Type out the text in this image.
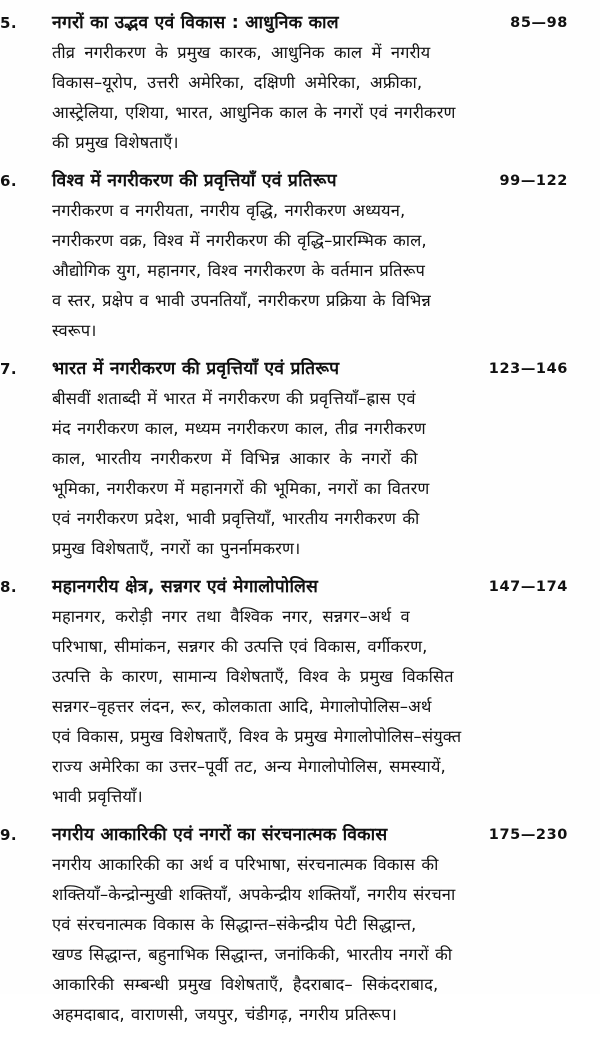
5.	नगरों का उद्भव एवं विकास : आधुनिक काल	85—98
तीव्र नगरीकरण के प्रमुख कारक, आधुनिक काल में नगरीय
विकास–यूरोप, उत्तरी अमेरिका, दक्षिणी अमेरिका, अफ्रीका,
आस्ट्रेलिया, एशिया, भारत, आधुनिक काल के नगरों एवं नगरीकरण
की प्रमुख विशेषताएँ।
6.	विश्व में नगरीकरण की प्रवृत्तियाँ एवं प्रतिरूप	99—122
नगरीकरण व नगरीयता, नगरीय वृद्धि, नगरीकरण अध्ययन,
नगरीकरण वक्र, विश्व में नगरीकरण की वृद्धि–प्रारम्भिक काल,
औद्योगिक युग, महानगर, विश्व नगरीकरण के वर्तमान प्रतिरूप
व स्तर, प्रक्षेप व भावी उपनतियाँ, नगरीकरण प्रक्रिया के विभिन्न
स्वरूप।
7.	भारत में नगरीकरण की प्रवृत्तियाँ एवं प्रतिरूप	123—146
बीसवीं शताब्दी में भारत में नगरीकरण की प्रवृत्तियाँ–ह्रास एवं
मंद नगरीकरण काल, मध्यम नगरीकरण काल, तीव्र नगरीकरण
काल, भारतीय नगरीकरण में विभिन्न आकार के नगरों की
भूमिका, नगरीकरण में महानगरों की भूमिका, नगरों का वितरण
एवं नगरीकरण प्रदेश, भावी प्रवृत्तियाँ, भारतीय नगरीकरण की
प्रमुख विशेषताएँ, नगरों का पुनर्नामकरण।
8.	महानगरीय क्षेत्र, सन्नगर एवं मेगालोपोलिस	147—174
महानगर, करोड़ी नगर तथा वैश्विक नगर, सन्नगर–अर्थ व
परिभाषा, सीमांकन, सन्नगर की उत्पत्ति एवं विकास, वर्गीकरण,
उत्पत्ति के कारण, सामान्य विशेषताएँ, विश्व के प्रमुख विकसित
सन्नगर–वृहत्तर लंदन, रूर, कोलकाता आदि, मेगालोपोलिस–अर्थ
एवं विकास, प्रमुख विशेषताएँ, विश्व के प्रमुख मेगालोपोलिस–संयुक्त
राज्य अमेरिका का उत्तर–पूर्वी तट, अन्य मेगालोपोलिस, समस्यायें,
भावी प्रवृत्तियाँ।
9.	नगरीय आकारिकी एवं नगरों का संरचनात्मक विकास	175—230
नगरीय आकारिकी का अर्थ व परिभाषा, संरचनात्मक विकास की
शक्तियाँ–केन्द्रोन्मुखी शक्तियाँ, अपकेन्द्रीय शक्तियाँ, नगरीय संरचना
एवं संरचनात्मक विकास के सिद्धान्त–संकेन्द्रीय पेटी सिद्धान्त,
खण्ड सिद्धान्त, बहुनाभिक सिद्धान्त, जनांकिकी, भारतीय नगरों की
आकारिकी सम्बन्धी प्रमुख विशेषताएँ, हैदराबाद– सिकंदराबाद,
अहमदाबाद, वाराणसी, जयपुर, चंडीगढ़, नगरीय प्रतिरूप।
